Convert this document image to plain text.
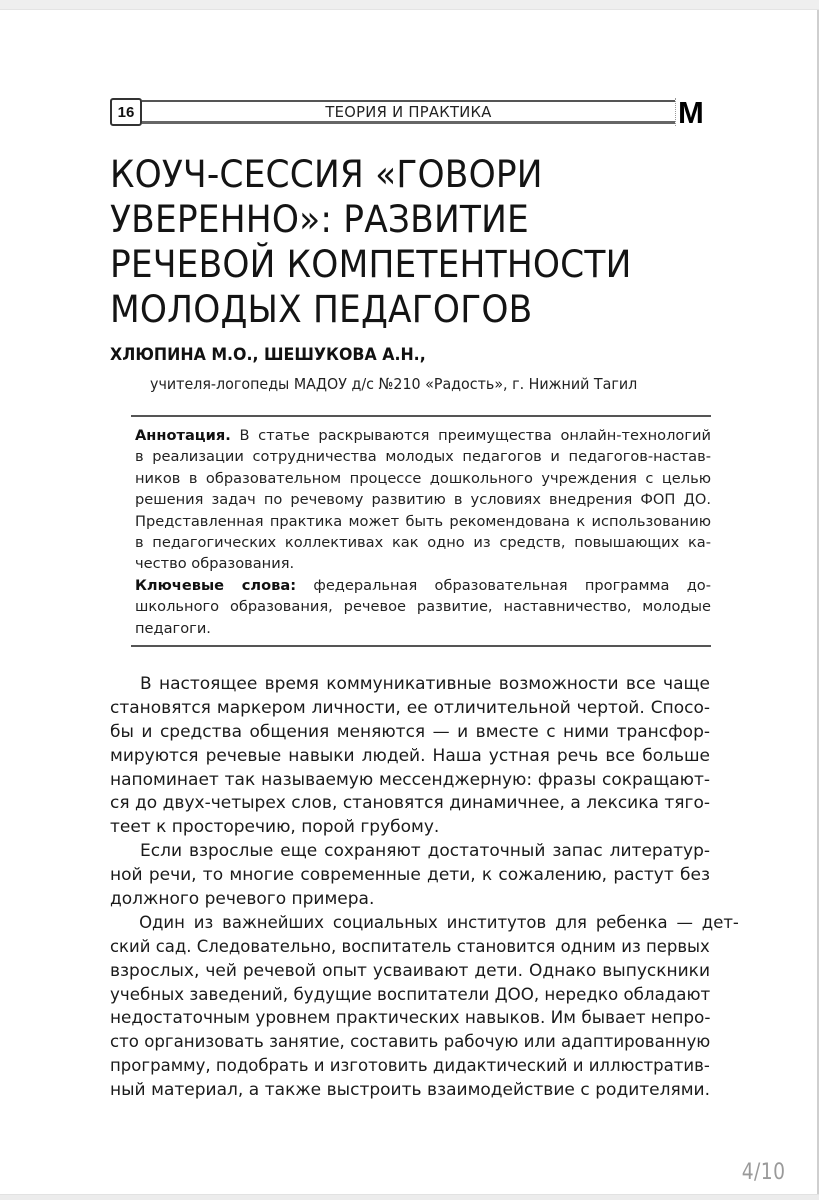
16	ТЕОРИЯ И ПРАКТИКА	М
КОУЧ-СЕССИЯ «ГОВОРИ
УВЕРЕННО»: РАЗВИТИЕ
РЕЧЕВОЙ КОМПЕТЕНТНОСТИ
МОЛОДЫХ ПЕДАГОГОВ
ХЛЮПИНА М.О., ШЕШУКОВА А.Н.,
учителя-логопеды МАДОУ д/с №210 «Радость», г. Нижний Тагил
Аннотация. В статье раскрываются преимущества онлайн-технологий
в реализации сотрудничества молодых педагогов и педагогов-настав-
ников в образовательном процессе дошкольного учреждения с целью
решения задач по речевому развитию в условиях внедрения ФОП ДО.
Представленная практика может быть рекомендована к использованию
в педагогических коллективах как одно из средств, повышающих ка-
чество образования.
Ключевые слова: федеральная образовательная программа до-
школьного образования, речевое развитие, наставничество, молодые
педагоги.
В настоящее время коммуникативные возможности все чаще
становятся маркером личности, ее отличительной чертой. Спосо-
бы и средства общения меняются — и вместе с ними трансфор-
мируются речевые навыки людей. Наша устная речь все больше
напоминает так называемую мессенджерную: фразы сокращают-
ся до двух-четырех слов, становятся динамичнее, а лексика тяго-
теет к просторечию, порой грубому.
Если взрослые еще сохраняют достаточный запас литератур-
ной речи, то многие современные дети, к сожалению, растут без
должного речевого примера.
Один из важнейших социальных институтов для ребенка — дет-
ский сад. Следовательно, воспитатель становится одним из первых
взрослых, чей речевой опыт усваивают дети. Однако выпускники
учебных заведений, будущие воспитатели ДОО, нередко обладают
недостаточным уровнем практических навыков. Им бывает непро-
сто организовать занятие, составить рабочую или адаптированную
программу, подобрать и изготовить дидактический и иллюстратив-
ный материал, а также выстроить взаимодействие с родителями.
4/10
